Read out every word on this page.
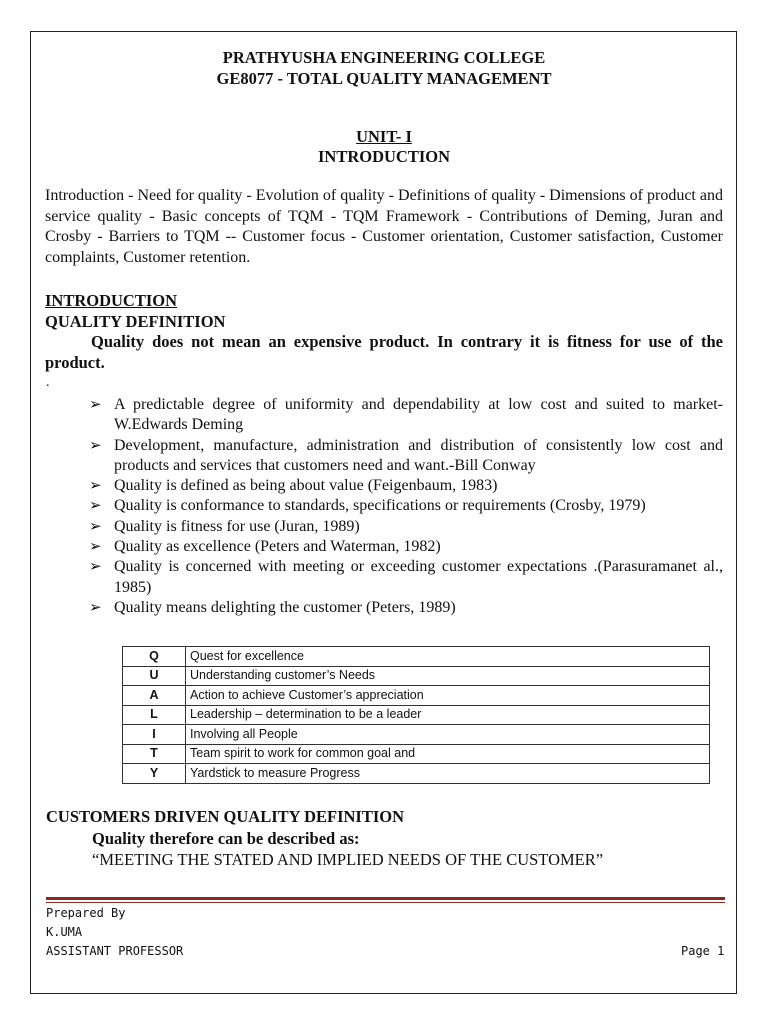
PRATHYUSHA ENGINEERING COLLEGE
GE8077 - TOTAL QUALITY MANAGEMENT
UNIT- I
INTRODUCTION
Introduction - Need for quality - Evolution of quality - Definitions of quality - Dimensions of product and service quality - Basic concepts of TQM - TQM Framework - Contributions of Deming, Juran and Crosby - Barriers to TQM -- Customer focus - Customer orientation, Customer satisfaction, Customer complaints, Customer retention.
INTRODUCTION
QUALITY DEFINITION
Quality does not mean an expensive product. In contrary it is fitness for use of the product.
.
➢ A predictable degree of uniformity and dependability at low cost and suited to market- W.Edwards Deming
➢ Development, manufacture, administration and distribution of consistently low cost and products and services that customers need and want.-Bill Conway
➢ Quality is defined as being about value (Feigenbaum, 1983)
➢ Quality is conformance to standards, specifications or requirements (Crosby, 1979)
➢ Quality is fitness for use (Juran, 1989)
➢ Quality as excellence (Peters and Waterman, 1982)
➢ Quality is concerned with meeting or exceeding customer expectations .(Parasuramanet al., 1985)
➢ Quality means delighting the customer (Peters, 1989)
Q	Quest for excellence
U	Understanding customer’s Needs
A	Action to achieve Customer’s appreciation
L	Leadership – determination to be a leader
I	Involving all People
T	Team spirit to work for common goal and
Y	Yardstick to measure Progress
CUSTOMERS DRIVEN QUALITY DEFINITION
Quality therefore can be described as:
“MEETING THE STATED AND IMPLIED NEEDS OF THE CUSTOMER”
Prepared By
K.UMA
ASSISTANT PROFESSOR	Page 1
